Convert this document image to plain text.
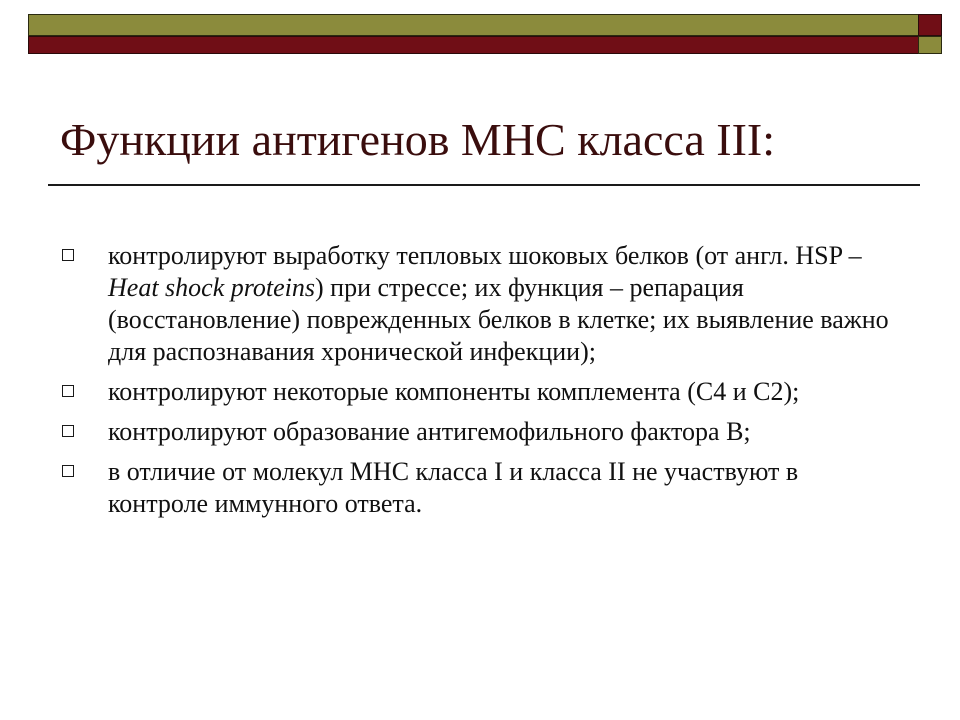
Функции антигенов МНС класса III:
контролируют выработку тепловых шоковых белков (от англ. HSP – Heat shock proteins) при стрессе; их функция – репарация (восстановление) поврежденных белков в клетке; их выявление важно для распознавания хронической инфекции);
контролируют некоторые компоненты комплемента (С4 и С2);
контролируют образование антигемофильного фактора В;
в отличие от молекул МНС класса I и класса II не участвуют в контроле иммунного ответа.
